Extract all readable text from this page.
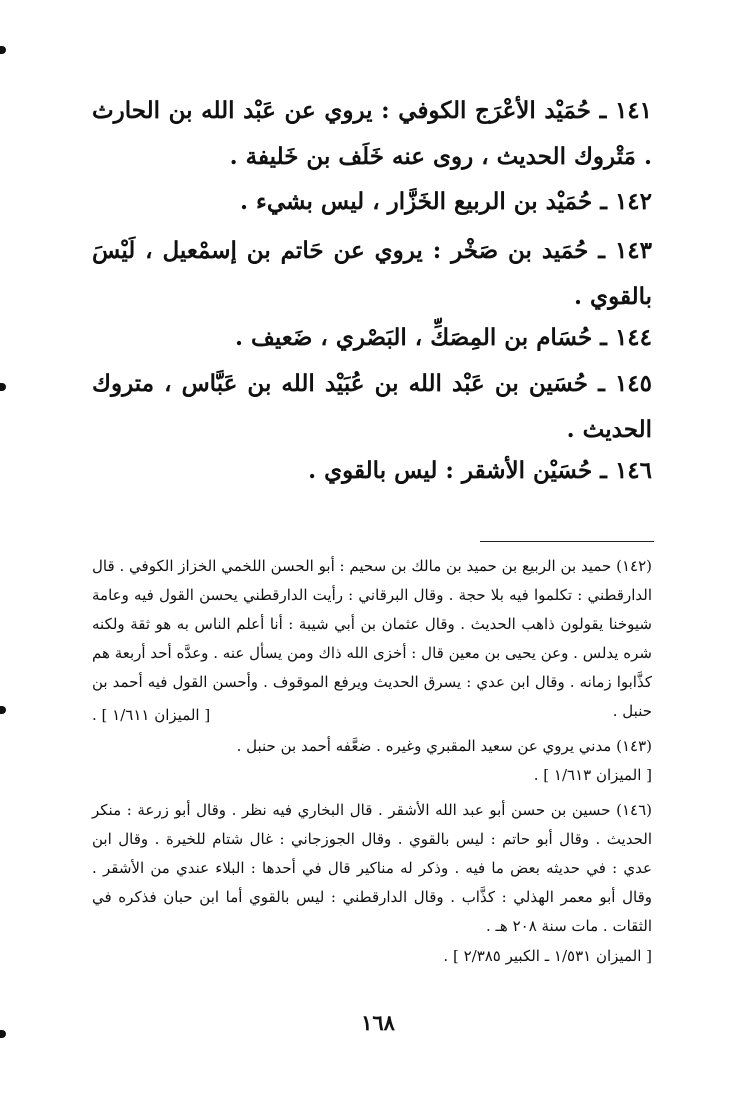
١٤١ ـ حُمَيْد الأعْرَج الكوفي : يروي عن عَبْد الله بن الحارث . مَتْروك الحديث ، روى عنه خَلَف بن خَليفة .

١٤٢ ـ حُمَيْد بن الربيع الخَزَّار ، ليس بشيء .

١٤٣ ـ حُمَيد بن صَخْر : يروي عن حَاتم بن إسمْعيل ، لَيْسَ بالقوي .

١٤٤ ـ حُسَام بن المِصَكِّ ، البَصْري ، ضَعيف .

١٤٥ ـ حُسَين بن عَبْد الله بن عُبَيْد الله بن عَبَّاس ، متروك الحديث .

١٤٦ ـ حُسَيْن الأشقر : ليس بالقوي .

(١٤٢) حميد بن الربيع بن حميد بن مالك بن سحيم : أبو الحسن اللخمي الخزاز الكوفي . قال الدارقطني : تكلموا فيه بلا حجة . وقال البرقاني : رأيت الدارقطني يحسن القول فيه وعامة شيوخنا يقولون ذاهب الحديث . وقال عثمان بن أبي شيبة : أنا أعلم الناس به هو ثقة ولكنه شره يدلس . وعن يحيى بن معين قال : أخزى الله ذاك ومن يسأل عنه . وعدَّه أحد أربعة هم كذَّابوا زمانه . وقال ابن عدي : يسرق الحديث ويرفع الموقوف . وأحسن القول فيه أحمد بن حنبل .

[ الميزان ١/٦١١ ] .

(١٤٣) مدني يروي عن سعيد المقبري وغيره . ضعَّفه أحمد بن حنبل .

[ الميزان ١/٦١٣ ] .

(١٤٦) حسين بن حسن أبو عبد الله الأشقر . قال البخاري فيه نظر . وقال أبو زرعة : منكر الحديث . وقال أبو حاتم : ليس بالقوي . وقال الجوزجاني : غال شتام للخيرة . وقال ابن عدي : في حديثه بعض ما فيه . وذكر له مناكير قال في أحدها : البلاء عندي من الأشقر . وقال أبو معمر الهذلي : كذَّاب . وقال الدارقطني : ليس بالقوي أما ابن حبان فذكره في الثقات . مات سنة ٢٠٨ هـ .

[ الميزان ١/٥٣١ ـ الكبير ٢/٣٨٥ ] .
١٦٨
